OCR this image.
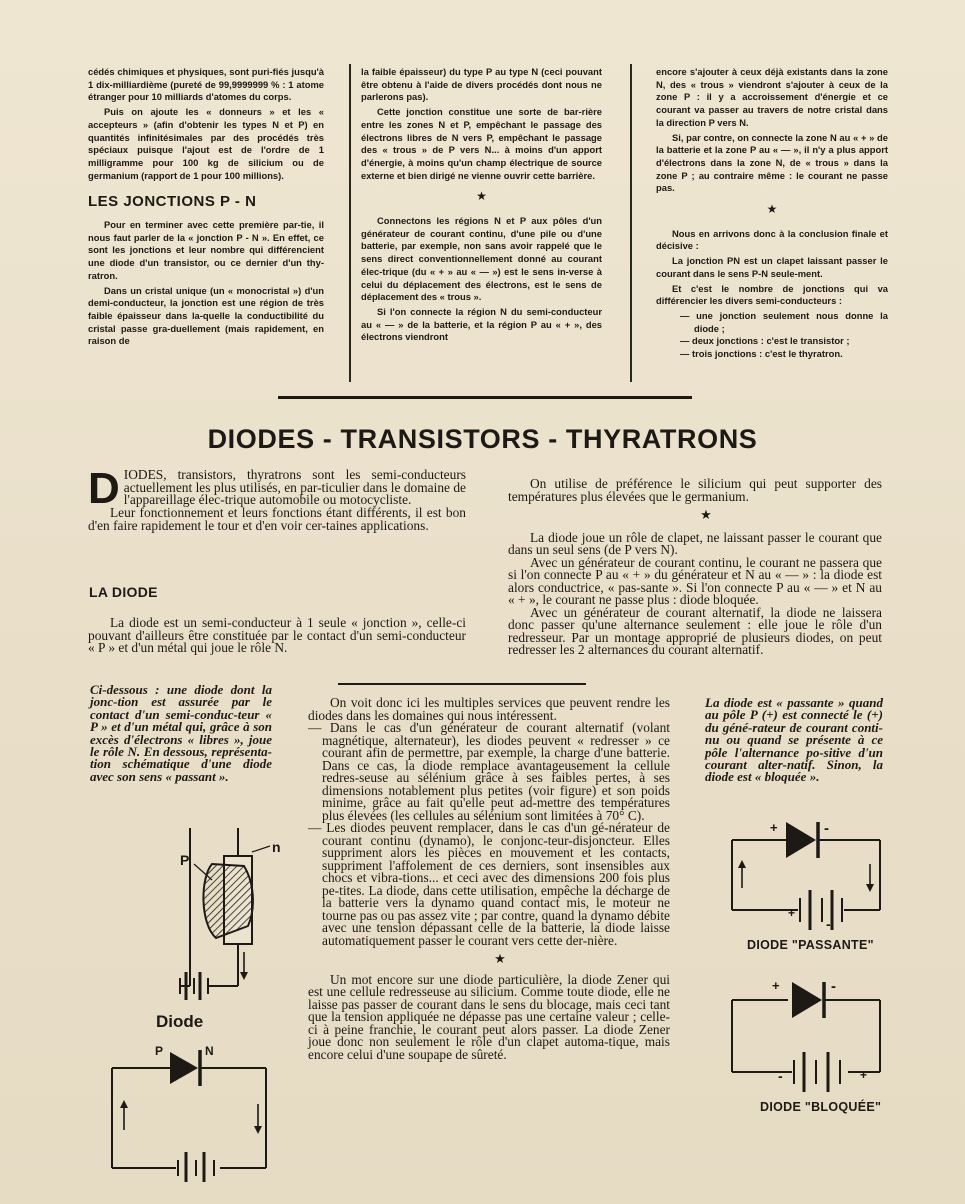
cédés chimiques et physiques, sont puri-fiés jusqu'à 1 dix-milliardième (pureté de 99,9999999 % : 1 atome étranger pour 10 milliards d'atomes du corps.

Puis on ajoute les « donneurs » et les « accepteurs » (afin d'obtenir les types N et P) en quantités infinitésimales par des procédés très spéciaux puisque l'ajout est de l'ordre de 1 milligramme pour 100 kg de silicium ou de germanium (rapport de 1 pour 100 millions).

LES JONCTIONS P - N

Pour en terminer avec cette première par-tie, il nous faut parler de la « jonction P - N ». En effet, ce sont les jonctions et leur nombre qui différencient une diode d'un transistor, ou ce dernier d'un thy-ratron.

Dans un cristal unique (un « monocristal ») d'un demi-conducteur, la jonction est une région de très faible épaisseur dans la-quelle la conductibilité du cristal passe gra-duellement (mais rapidement, en raison de

la faible épaisseur) du type P au type N (ceci pouvant être obtenu à l'aide de divers procédés dont nous ne parlerons pas).

Cette jonction constitue une sorte de bar-rière entre les zones N et P, empêchant le passage des électrons libres de N vers P, empêchant le passage des « trous » de P vers N... à moins d'un apport d'énergie, à moins qu'un champ électrique de source externe et bien dirigé ne vienne ouvrir cette barrière.

★

Connectons les régions N et P aux pôles d'un générateur de courant continu, d'une pile ou d'une batterie, par exemple, non sans avoir rappelé que le sens direct conventionnellement donné au courant élec-trique (du « + » au « — ») est le sens in-verse à celui du déplacement des électrons, est le sens de déplacement des « trous ».

Si l'on connecte la région N du semi-conducteur au « — » de la batterie, et la région P au « + », des électrons viendront

encore s'ajouter à ceux déjà existants dans la zone N, des « trous » viendront s'ajouter à ceux de la zone P : il y a accroissement d'énergie et ce courant va passer au travers de notre cristal dans la direction P vers N.

Si, par contre, on connecte la zone N au « + » de la batterie et la zone P au « — », il n'y a plus apport d'électrons dans la zone N, de « trous » dans la zone P ; au contraire même : le courant ne passe pas.

★

Nous en arrivons donc à la conclusion finale et décisive :

La jonction PN est un clapet laissant passer le courant dans le sens P-N seule-ment.

Et c'est le nombre de jonctions qui va différencier les divers semi-conducteurs :

— une jonction seulement nous donne la diode ;

— deux jonctions : c'est le transistor ;

— trois jonctions : c'est le thyratron.

DIODES - TRANSISTORS - THYRATRONS

DIODES, transistors, thyratrons sont les semi-conducteurs actuellement les plus utilisés, en par-ticulier dans le domaine de l'appareillage élec-trique automobile ou motocycliste.

Leur fonctionnement et leurs fonctions étant différents, il est bon d'en faire rapidement le tour et d'en voir cer-taines applications.

LA DIODE

La diode est un semi-conducteur à 1 seule « jonction », celle-ci pouvant d'ailleurs être constituée par le contact d'un semi-conducteur « P » et d'un métal qui joue le rôle N.

On utilise de préférence le silicium qui peut supporter des températures plus élevées que le germanium.

★

La diode joue un rôle de clapet, ne laissant passer le courant que dans un seul sens (de P vers N).

Avec un générateur de courant continu, le courant ne passera que si l'on connecte P au « + » du générateur et N au « — » : la diode est alors conductrice, « pas-sante ». Si l'on connecte P au « — » et N au « + », le courant ne passe plus : diode bloquée.

Avec un générateur de courant alternatif, la diode ne laissera donc passer qu'une alternance seulement : elle joue le rôle d'un redresseur. Par un montage approprié de plusieurs diodes, on peut redresser les 2 alternances du courant alternatif.

Ci-dessous : une diode dont la jonc-tion est assurée par le contact d'un semi-conduc-teur « P » et d'un métal qui, grâce à son excès d'électrons « libres », joue le rôle N. En dessous, représenta-tion schématique d'une diode avec son sens « passant ».

On voit donc ici les multiples services que peuvent rendre les diodes dans les domaines qui nous intéressent.

— Dans le cas d'un générateur de courant alternatif (volant magnétique, alternateur), les diodes peuvent « redresser » ce courant afin de permettre, par exemple, la charge d'une batterie. Dans ce cas, la diode remplace avantageusement la cellule redres-seuse au sélénium grâce à ses faibles pertes, à ses dimensions notablement plus petites (voir figure) et son poids minime, grâce au fait qu'elle peut ad-mettre des températures plus élevées (les cellules au sélénium sont limitées à 70° C).

— Les diodes peuvent remplacer, dans le cas d'un gé-nérateur de courant continu (dynamo), le conjonc-teur-disjoncteur. Elles suppriment alors les pièces en mouvement et les contacts, suppriment l'affolement de ces derniers, sont insensibles aux chocs et vibra-tions... et ceci avec des dimensions 200 fois plus pe-tites. La diode, dans cette utilisation, empêche la décharge de la batterie vers la dynamo quand contact mis, le moteur ne tourne pas ou pas assez vite ; par contre, quand la dynamo débite avec une tension dépassant celle de la batterie, la diode laisse automatiquement passer le courant vers cette der-nière.

★

Un mot encore sur une diode particulière, la diode Zener qui est une cellule redresseuse au silicium. Comme toute diode, elle ne laisse pas passer de courant dans le sens du blocage, mais ceci tant que la tension appliquée ne dépasse pas une certaine valeur ; celle-ci à peine franchie, le courant peut alors passer. La diode Zener joue donc non seulement le rôle d'un clapet automa-tique, mais encore celui d'une soupape de sûreté.

La diode est « passante » quand au pôle P (+) est connecté le (+) du géné-rateur de courant conti-nu ou quand se présente à ce pôle l'alternance po-sitive d'un courant alter-natif. Sinon, la diode est « bloquée ».

P
n
Diode
P	N
+	-
+
-
DIODE "PASSANTE"
+	-
-	+
DIODE "BLOQUÉE"
